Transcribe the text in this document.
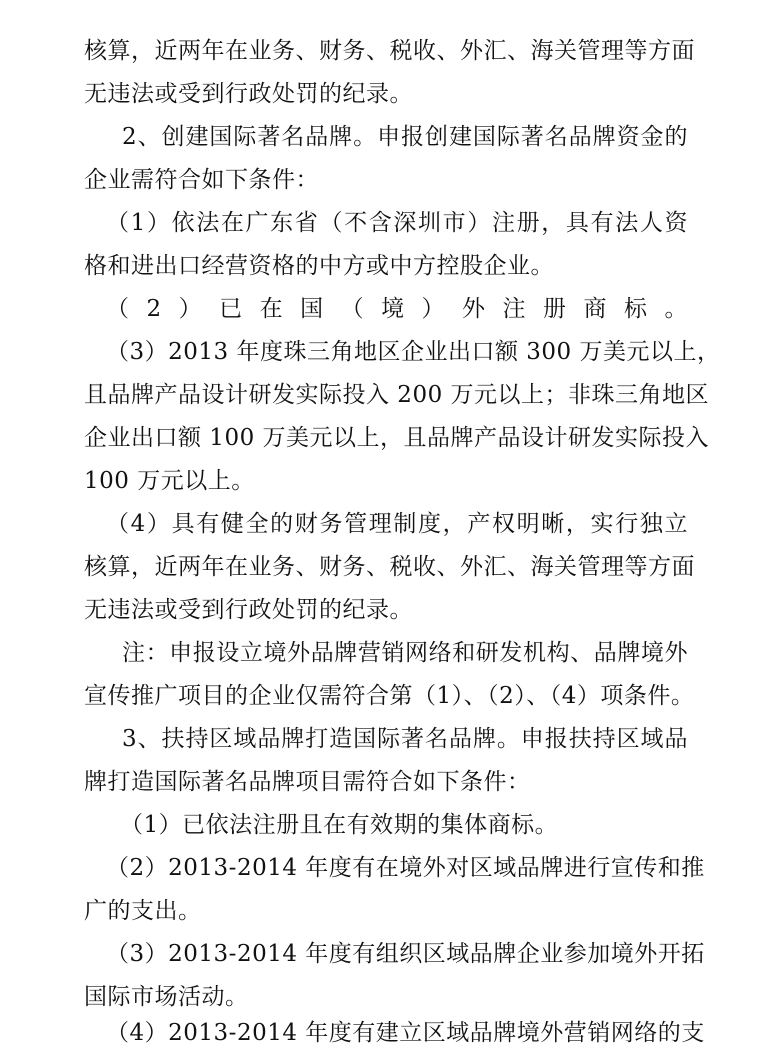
核算，近两年在业务、财务、税收、外汇、海关管理等方面
无违法或受到行政处罚的纪录。
2、创建国际著名品牌。申报创建国际著名品牌资金的
企业需符合如下条件：
（1）依法在广东省（不含深圳市）注册，具有法人资
格和进出口经营资格的中方或中方控股企业。
（2）已在国（境）外注册商标。
（3）2013 年度珠三角地区企业出口额 300 万美元以上，
且品牌产品设计研发实际投入 200 万元以上；非珠三角地区
企业出口额 100 万美元以上，且品牌产品设计研发实际投入
100 万元以上。
（4）具有健全的财务管理制度，产权明晰，实行独立
核算，近两年在业务、财务、税收、外汇、海关管理等方面
无违法或受到行政处罚的纪录。
注：申报设立境外品牌营销网络和研发机构、品牌境外
宣传推广项目的企业仅需符合第（1）、（2）、（4）项条件。
3、扶持区域品牌打造国际著名品牌。申报扶持区域品
牌打造国际著名品牌项目需符合如下条件：
（1）已依法注册且在有效期的集体商标。
（2）2013-2014 年度有在境外对区域品牌进行宣传和推
广的支出。
（3）2013-2014 年度有组织区域品牌企业参加境外开拓
国际市场活动。
（4）2013-2014 年度有建立区域品牌境外营销网络的支
